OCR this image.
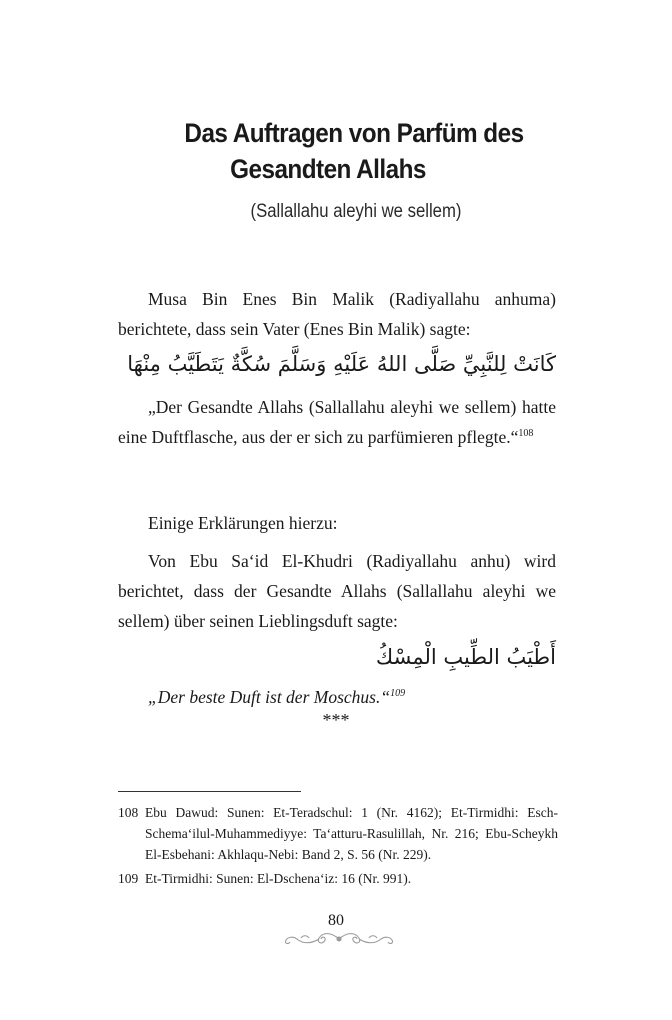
Das Auftragen von Parfüm des
Gesandten Allahs
(Sallallahu aleyhi we sellem)
Musa Bin Enes Bin Malik (Radiyallahu anhuma) berichtete, dass sein Vater (Enes Bin Malik) sagte:
كَانَتْ لِلنَّبِيِّ صَلَّى اللهُ عَلَيْهِ وَسَلَّمَ سُكَّةٌ يَتَطَيَّبُ مِنْهَا
„Der Gesandte Allahs (Sallallahu aleyhi we sellem) hatte eine Duftflasche, aus der er sich zu parfümieren pflegte.“$^{108}$
Einige Erklärungen hierzu:
Von Ebu Sa‘id El-Khudri (Radiyallahu anhu) wird berichtet, dass der Gesandte Allahs (Sallallahu aleyhi we sellem) über seinen Lieblingsduft sagte:
أَطْيَبُ الطِّيبِ الْمِسْكُ
„Der beste Duft ist der Moschus.“$^{109}$
***
108 Ebu Dawud: Sunen: Et-Teradschul: 1 (Nr. 4162); Et-Tirmidhi: Esch-Schema‘ilul-Muhammediyye: Ta‘atturu-Rasulillah, Nr. 216; Ebu-Scheykh El-Esbehani: Akhlaqu-Nebi: Band 2, S. 56 (Nr. 229).
109 Et-Tirmidhi: Sunen: El-Dschena‘iz: 16 (Nr. 991).
80
